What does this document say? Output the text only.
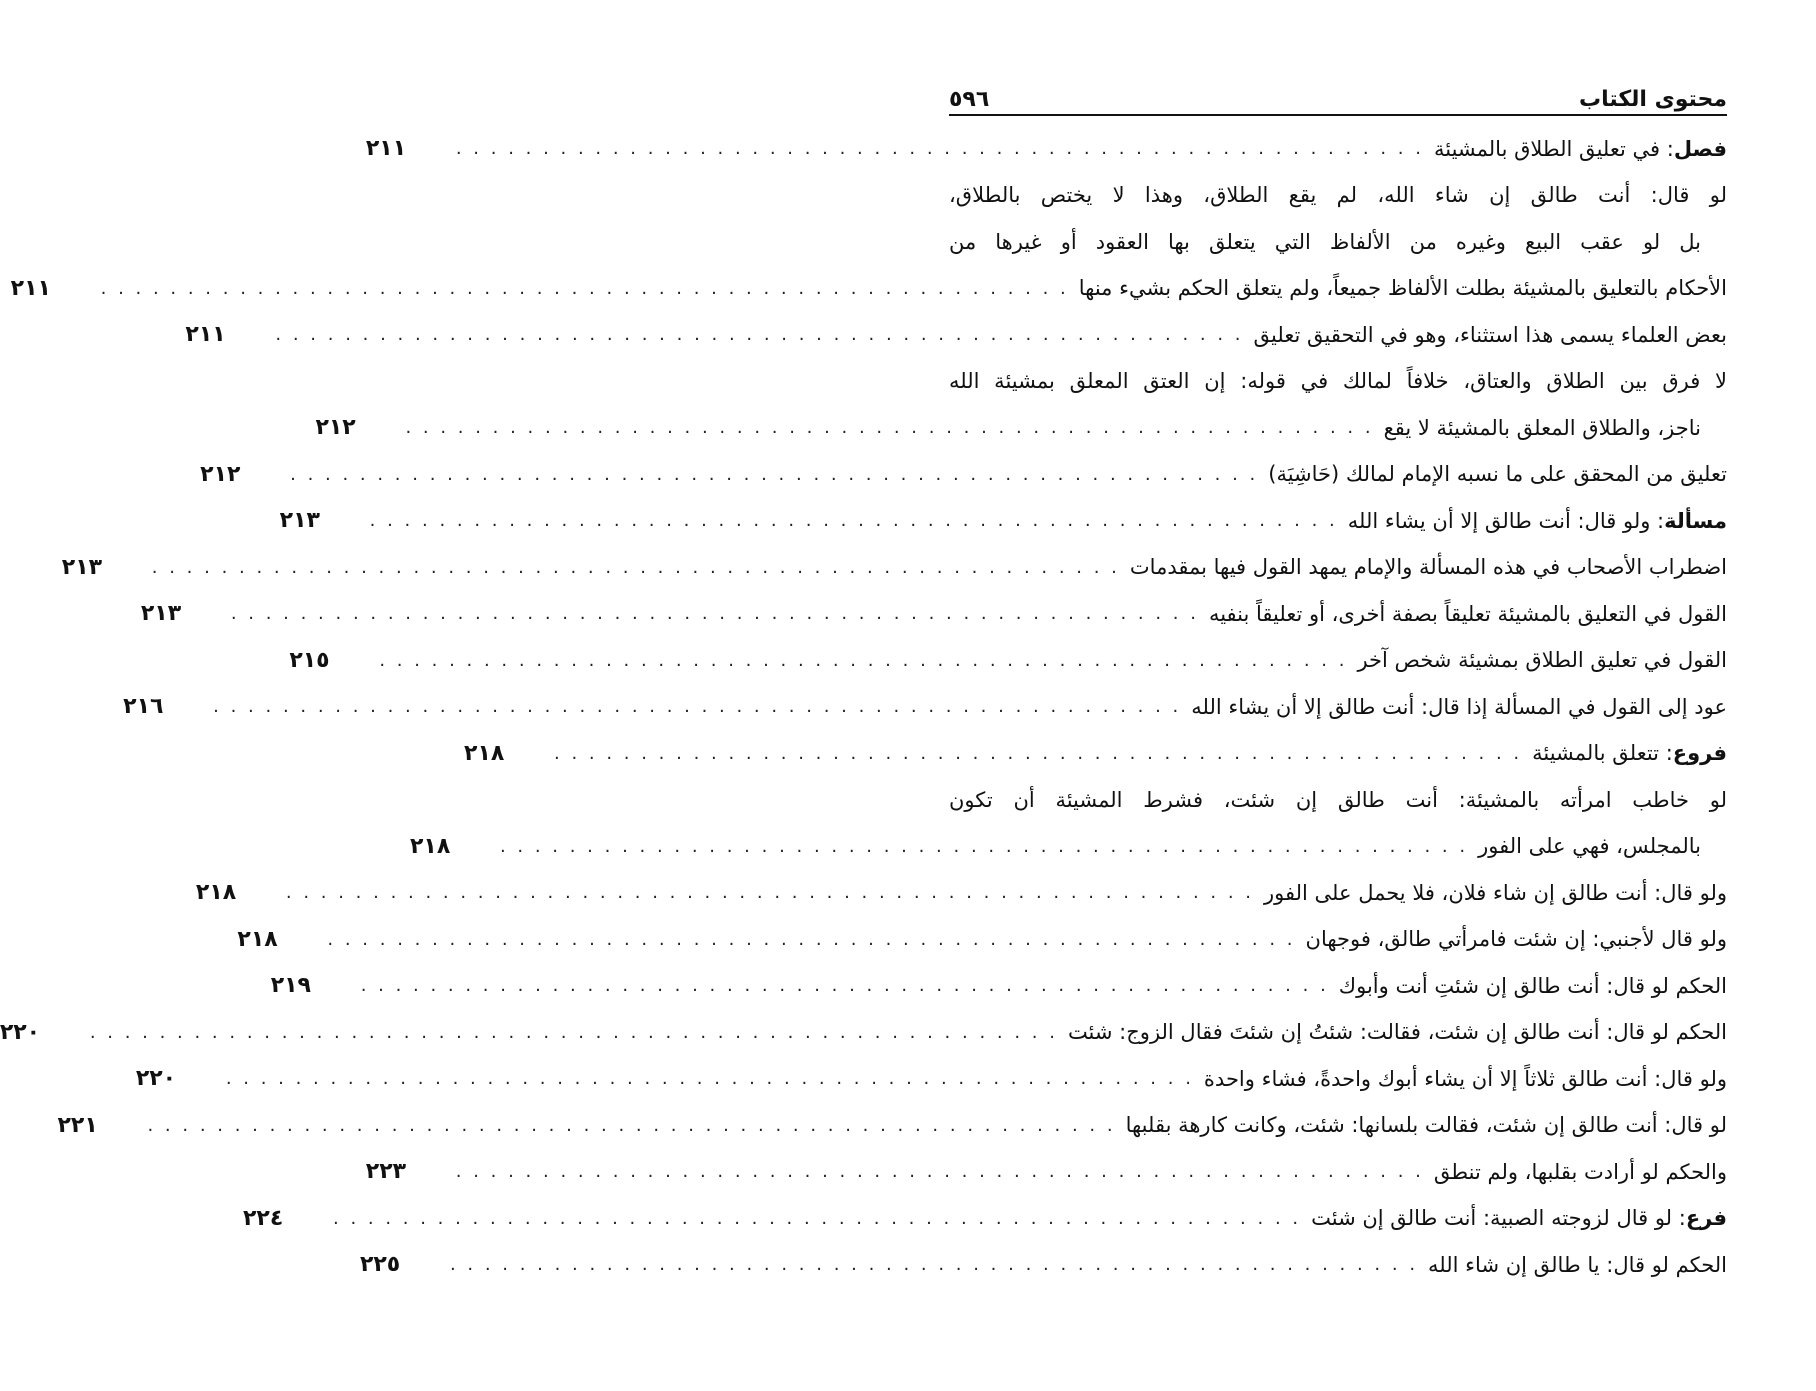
٥٩٦	محتوى الكتاب
فصل: في تعليق الطلاق بالمشيئة
. . . . . . . . . . . . . . . . . . . . . . . . . . . . . . . . . . . . . . . . . . . . . . . . . . . . . . . .
٢١١
لو قال: أنت طالق إن شاء الله، لم يقع الطلاق، وهذا لا يختص بالطلاق،
بل لو عقب البيع وغيره من الألفاظ التي يتعلق بها العقود أو غيرها من
الأحكام بالتعليق بالمشيئة بطلت الألفاظ جميعاً، ولم يتعلق الحكم بشيء منها
. . . . . . . . . . . . . . . . . . . . . . . . . . . . . . . . . . . . . . . . . . . . . . . . . . . . . . . .
٢١١
بعض العلماء يسمى هذا استثناء، وهو في التحقيق تعليق
. . . . . . . . . . . . . . . . . . . . . . . . . . . . . . . . . . . . . . . . . . . . . . . . . . . . . . . .
٢١١
لا فرق بين الطلاق والعتاق، خلافاً لمالك في قوله: إن العتق المعلق بمشيئة الله
ناجز، والطلاق المعلق بالمشيئة لا يقع
. . . . . . . . . . . . . . . . . . . . . . . . . . . . . . . . . . . . . . . . . . . . . . . . . . . . . . . .
٢١٢
تعليق من المحقق على ما نسبه الإمام لمالك (حَاشِيَة)
. . . . . . . . . . . . . . . . . . . . . . . . . . . . . . . . . . . . . . . . . . . . . . . . . . . . . . . .
٢١٢
مسألة: ولو قال: أنت طالق إلا أن يشاء الله
. . . . . . . . . . . . . . . . . . . . . . . . . . . . . . . . . . . . . . . . . . . . . . . . . . . . . . . .
٢١٣
اضطراب الأصحاب في هذه المسألة والإمام يمهد القول فيها بمقدمات
. . . . . . . . . . . . . . . . . . . . . . . . . . . . . . . . . . . . . . . . . . . . . . . . . . . . . . . .
٢١٣
القول في التعليق بالمشيئة تعليقاً بصفة أخرى، أو تعليقاً بنفيه
. . . . . . . . . . . . . . . . . . . . . . . . . . . . . . . . . . . . . . . . . . . . . . . . . . . . . . . .
٢١٣
القول في تعليق الطلاق بمشيئة شخص آخر
. . . . . . . . . . . . . . . . . . . . . . . . . . . . . . . . . . . . . . . . . . . . . . . . . . . . . . . .
٢١٥
عود إلى القول في المسألة إذا قال: أنت طالق إلا أن يشاء الله
. . . . . . . . . . . . . . . . . . . . . . . . . . . . . . . . . . . . . . . . . . . . . . . . . . . . . . . .
٢١٦
فروع: تتعلق بالمشيئة
. . . . . . . . . . . . . . . . . . . . . . . . . . . . . . . . . . . . . . . . . . . . . . . . . . . . . . . .
٢١٨
لو خاطب امرأته بالمشيئة: أنت طالق إن شئت، فشرط المشيئة أن تكون
بالمجلس، فهي على الفور
. . . . . . . . . . . . . . . . . . . . . . . . . . . . . . . . . . . . . . . . . . . . . . . . . . . . . . . .
٢١٨
ولو قال: أنت طالق إن شاء فلان، فلا يحمل على الفور
. . . . . . . . . . . . . . . . . . . . . . . . . . . . . . . . . . . . . . . . . . . . . . . . . . . . . . . .
٢١٨
ولو قال لأجنبي: إن شئت فامرأتي طالق، فوجهان
. . . . . . . . . . . . . . . . . . . . . . . . . . . . . . . . . . . . . . . . . . . . . . . . . . . . . . . .
٢١٨
الحكم لو قال: أنت طالق إن شئتِ أنت وأبوك
. . . . . . . . . . . . . . . . . . . . . . . . . . . . . . . . . . . . . . . . . . . . . . . . . . . . . . . .
٢١٩
الحكم لو قال: أنت طالق إن شئت، فقالت: شئتُ إن شئتَ فقال الزوج: شئت
. . . . . . . . . . . . . . . . . . . . . . . . . . . . . . . . . . . . . . . . . . . . . . . . . . . . . . . .
٢٢٠
ولو قال: أنت طالق ثلاثاً إلا أن يشاء أبوك واحدةً، فشاء واحدة
. . . . . . . . . . . . . . . . . . . . . . . . . . . . . . . . . . . . . . . . . . . . . . . . . . . . . . . .
٢٢٠
لو قال: أنت طالق إن شئت، فقالت بلسانها: شئت، وكانت كارهة بقلبها
. . . . . . . . . . . . . . . . . . . . . . . . . . . . . . . . . . . . . . . . . . . . . . . . . . . . . . . .
٢٢١
والحكم لو أرادت بقلبها، ولم تنطق
. . . . . . . . . . . . . . . . . . . . . . . . . . . . . . . . . . . . . . . . . . . . . . . . . . . . . . . .
٢٢٣
فرع: لو قال لزوجته الصبية: أنت طالق إن شئت
. . . . . . . . . . . . . . . . . . . . . . . . . . . . . . . . . . . . . . . . . . . . . . . . . . . . . . . .
٢٢٤
الحكم لو قال: يا طالق إن شاء الله
. . . . . . . . . . . . . . . . . . . . . . . . . . . . . . . . . . . . . . . . . . . . . . . . . . . . . . . .
٢٢٥
